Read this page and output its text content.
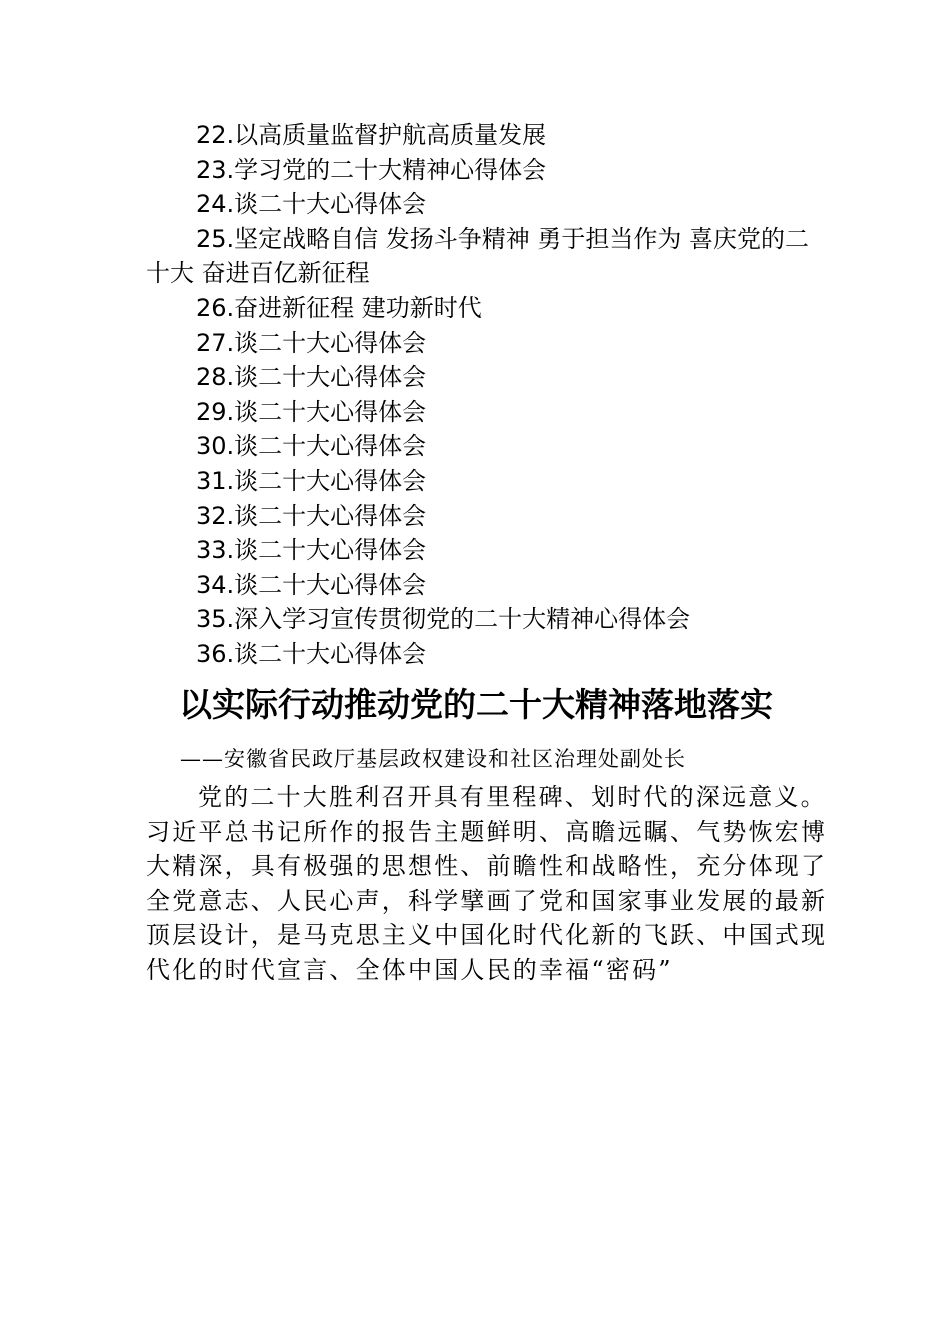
22.以高质量监督护航高质量发展
23.学习党的二十大精神心得体会
24.谈二十大心得体会
25.坚定战略自信 发扬斗争精神 勇于担当作为 喜庆党的二十大 奋进百亿新征程
26.奋进新征程 建功新时代
27.谈二十大心得体会
28.谈二十大心得体会
29.谈二十大心得体会
30.谈二十大心得体会
31.谈二十大心得体会
32.谈二十大心得体会
33.谈二十大心得体会
34.谈二十大心得体会
35.深入学习宣传贯彻党的二十大精神心得体会
36.谈二十大心得体会
以实际行动推动党的二十大精神落地落实
——安徽省民政厅基层政权建设和社区治理处副处长
党的二十大胜利召开具有里程碑、划时代的深远意义。习近平总书记所作的报告主题鲜明、高瞻远瞩、气势恢宏博大精深，具有极强的思想性、前瞻性和战略性，充分体现了全党意志、人民心声，科学擘画了党和国家事业发展的最新顶层设计，是马克思主义中国化时代化新的飞跃、中国式现代化的时代宣言、全体中国人民的幸福“密码”
